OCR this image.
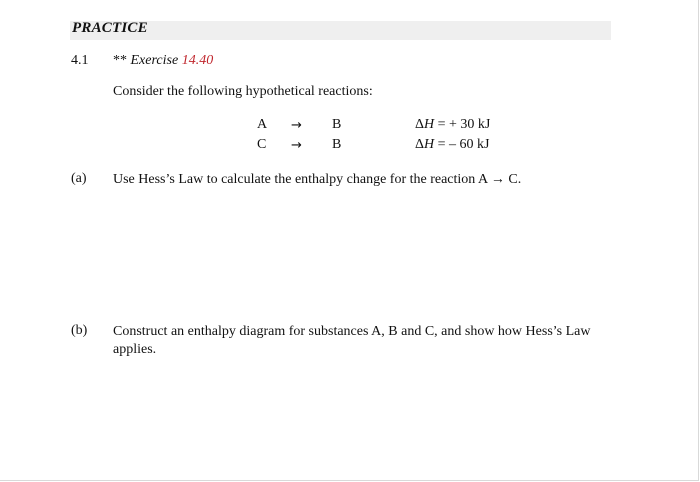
PRACTICE
4.1 ** Exercise 14.40
Consider the following hypothetical reactions:
A → B	ΔH = + 30 kJ
C → B	ΔH = – 60 kJ
(a) Use Hess’s Law to calculate the enthalpy change for the reaction A → C.
(b) Construct an enthalpy diagram for substances A, B and C, and show how Hess’s Law applies.
